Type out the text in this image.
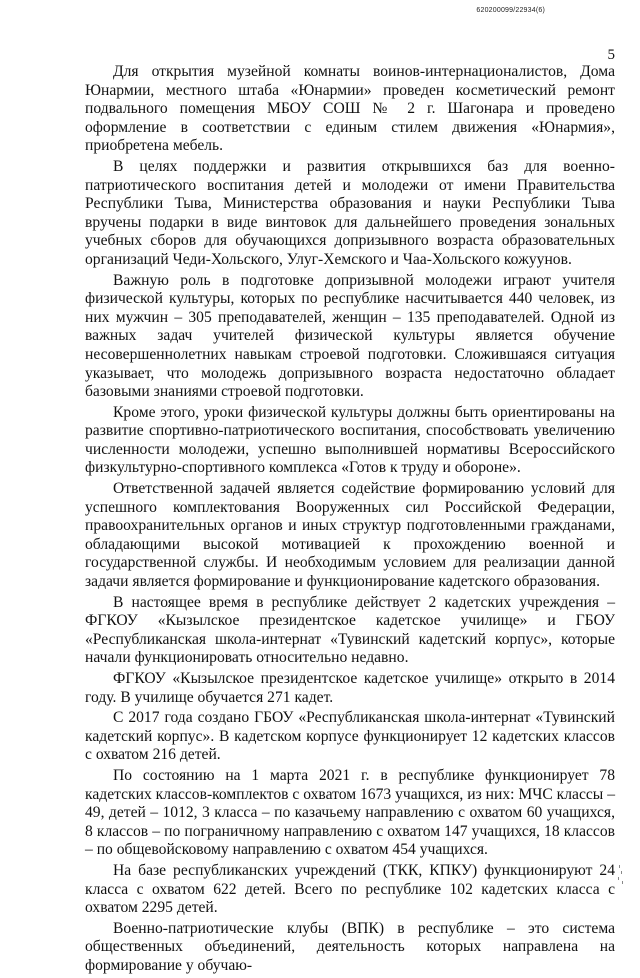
620200099/22934(6)
5

Для открытия музейной комнаты воинов-интернационалистов, Дома Юнармии, местного штаба «Юнармии» проведен косметический ремонт подвального помещения МБОУ СОШ № 2 г. Шагонара и проведено оформление в соответствии с единым стилем движения «Юнармия», приобретена мебель.

В целях поддержки и развития открывшихся баз для военно-патриотического воспитания детей и молодежи от имени Правительства Республики Тыва, Министерства образования и науки Республики Тыва вручены подарки в виде винтовок для дальнейшего проведения зональных учебных сборов для обучающихся допризывного возраста образовательных организаций Чеди-Хольского, Улуг-Хемского и Чаа-Хольского кожуунов.

Важную роль в подготовке допризывной молодежи играют учителя физической культуры, которых по республике насчитывается 440 человек, из них мужчин – 305 преподавателей, женщин – 135 преподавателей. Одной из важных задач учителей физической культуры является обучение несовершеннолетних навыкам строевой подготовки. Сложившаяся ситуация указывает, что молодежь допризывного возраста недостаточно обладает базовыми знаниями строевой подготовки.

Кроме этого, уроки физической культуры должны быть ориентированы на развитие спортивно-патриотического воспитания, способствовать увеличению численности молодежи, успешно выполнившей нормативы Всероссийского физкультурно-спортивного комплекса «Готов к труду и обороне».

Ответственной задачей является содействие формированию условий для успешного комплектования Вооруженных сил Российской Федерации, правоохранительных органов и иных структур подготовленными гражданами, обладающими высокой мотивацией к прохождению военной и государственной службы. И необходимым условием для реализации данной задачи является формирование и функционирование кадетского образования.

В настоящее время в республике действует 2 кадетских учреждения – ФГКОУ «Кызылское президентское кадетское училище» и ГБОУ «Республиканская школа-интернат «Тувинский кадетский корпус», которые начали функционировать относительно недавно.

ФГКОУ «Кызылское президентское кадетское училище» открыто в 2014 году. В училище обучается 271 кадет.

С 2017 года создано ГБОУ «Республиканская школа-интернат «Тувинский кадетский корпус». В кадетском корпусе функционирует 12 кадетских классов с охватом 216 детей.

По состоянию на 1 марта 2021 г. в республике функционирует 78 кадетских классов-комплектов с охватом 1673 учащихся, из них: МЧС классы – 49, детей – 1012, 3 класса – по казачьему направлению с охватом 60 учащихся, 8 классов – по пограничному направлению с охватом 147 учащихся, 18 классов – по общевойсковому направлению с охватом 454 учащихся.

На базе республиканских учреждений (ТКК, КПКУ) функционируют 24 класса с охватом 622 детей. Всего по республике 102 кадетских класса с охватом 2295 детей.

Военно-патриотические клубы (ВПК) в республике – это система общественных объединений, деятельность которых направлена на формирование у обучаю-
